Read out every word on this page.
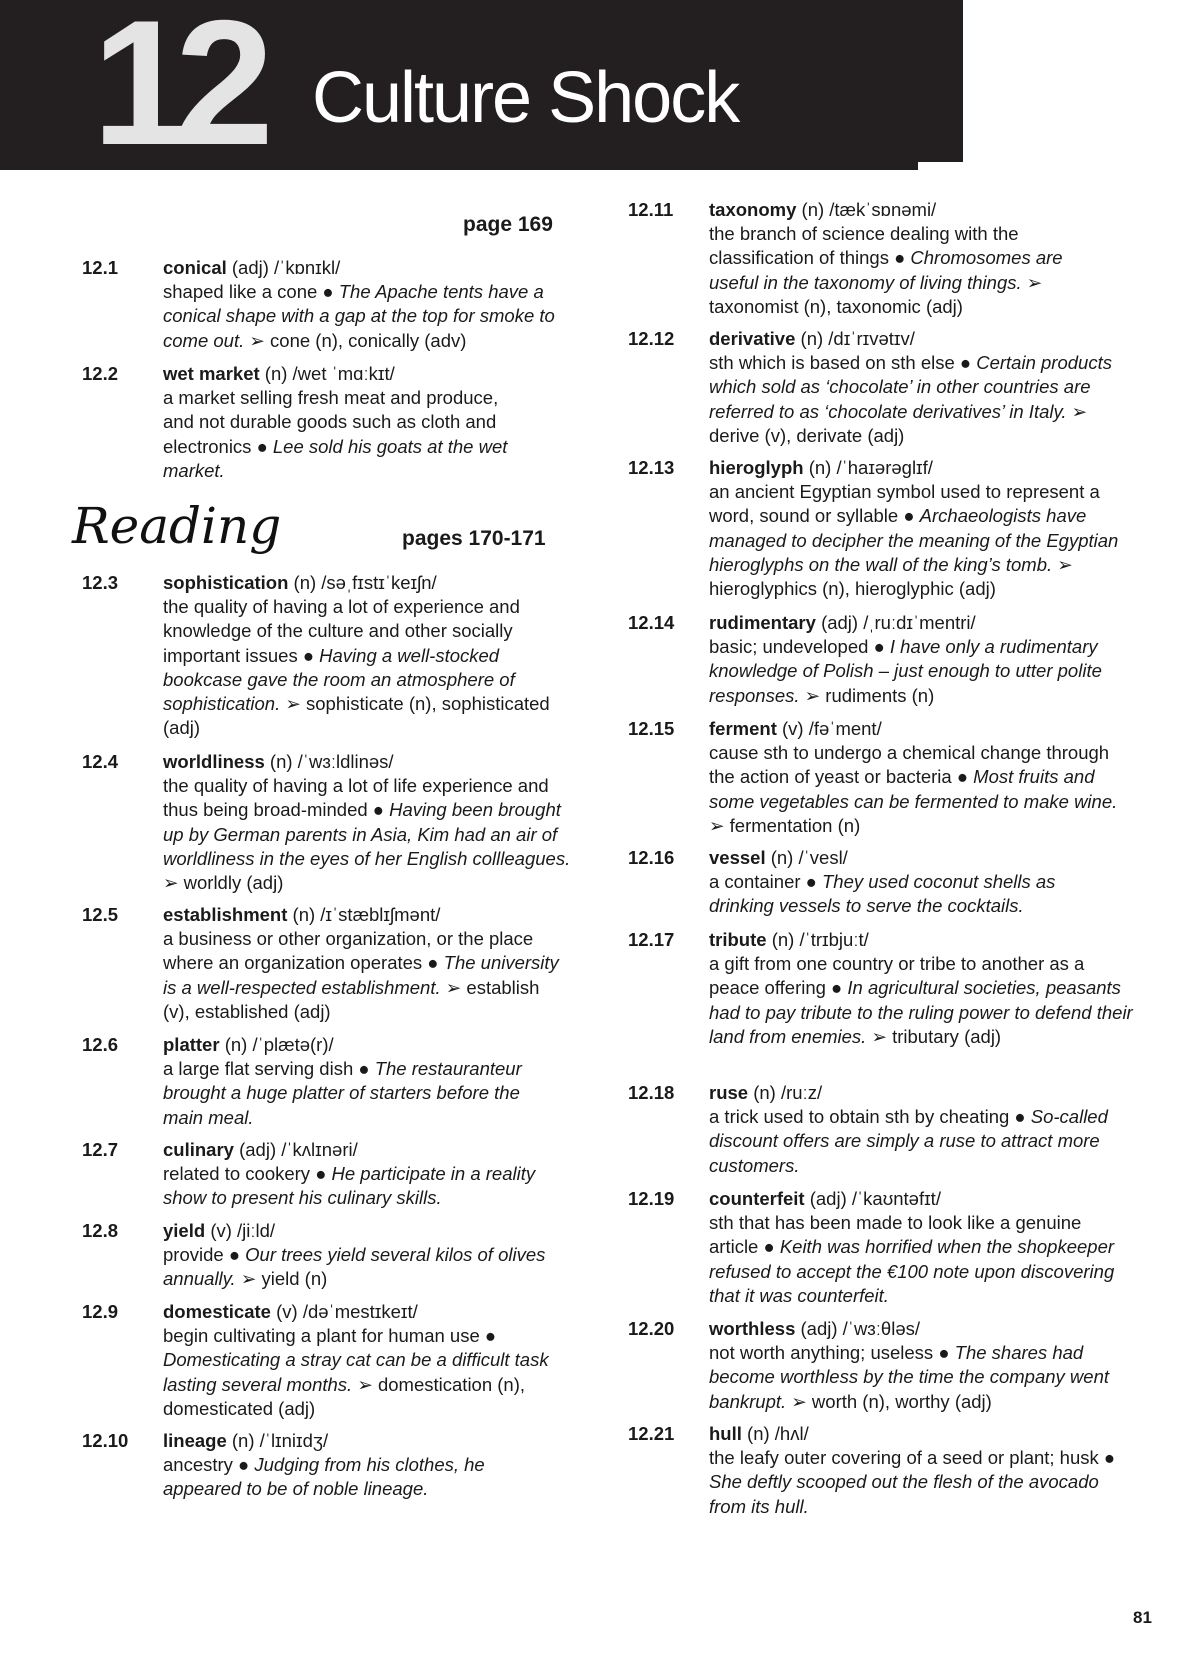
12 Culture Shock
page 169
Reading	pages 170-171
12.1 conical (adj) /ˈkɒnɪkl/
shaped like a cone ● The Apache tents have a conical shape with a gap at the top for smoke to come out. ➢ cone (n), conically (adv)
12.2 wet market (n) /wet ˈmɑːkɪt/
a market selling fresh meat and produce, and not durable goods such as cloth and electronics ● Lee sold his goats at the wet market.
12.3 sophistication (n) /səˌfɪstɪˈkeɪʃn/
the quality of having a lot of experience and knowledge of the culture and other socially important issues ● Having a well-stocked bookcase gave the room an atmosphere of sophistication. ➢ sophisticate (n), sophisticated (adj)
12.4 worldliness (n) /ˈwɜːldlinəs/
the quality of having a lot of life experience and thus being broad-minded ● Having been brought up by German parents in Asia, Kim had an air of worldliness in the eyes of her English collleagues. ➢ worldly (adj)
12.5 establishment (n) /ɪˈstæblɪʃmənt/
a business or other organization, or the place where an organization operates ● The university is a well-respected establishment. ➢ establish (v), established (adj)
12.6 platter (n) /ˈplætə(r)/
a large flat serving dish ● The restauranteur brought a huge platter of starters before the main meal.
12.7 culinary (adj) /ˈkʌlɪnəri/
related to cookery ● He participate in a reality show to present his culinary skills.
12.8 yield (v) /jiːld/
provide ● Our trees yield several kilos of olives annually. ➢ yield (n)
12.9 domesticate (v) /dəˈmestɪkeɪt/
begin cultivating a plant for human use ● Domesticating a stray cat can be a difficult task lasting several months. ➢ domestication (n), domesticated (adj)
12.10 lineage (n) /ˈlɪniɪdʒ/
ancestry ● Judging from his clothes, he appeared to be of noble lineage.
12.11 taxonomy (n) /tækˈsɒnəmi/
the branch of science dealing with the classification of things ● Chromosomes are useful in the taxonomy of living things. ➢ taxonomist (n), taxonomic (adj)
12.12 derivative (n) /dɪˈrɪvətɪv/
sth which is based on sth else ● Certain products which sold as ‘chocolate’ in other countries are referred to as ‘chocolate derivatives’ in Italy. ➢ derive (v), derivate (adj)
12.13 hieroglyph (n) /ˈhaɪərəglɪf/
an ancient Egyptian symbol used to represent a word, sound or syllable ● Archaeologists have managed to decipher the meaning of the Egyptian hieroglyphs on the wall of the king’s tomb. ➢ hieroglyphics (n), hieroglyphic (adj)
12.14 rudimentary (adj) /ˌruːdɪˈmentri/
basic; undeveloped ● I have only a rudimentary knowledge of Polish – just enough to utter polite responses. ➢ rudiments (n)
12.15 ferment (v) /fəˈment/
cause sth to undergo a chemical change through the action of yeast or bacteria ● Most fruits and some vegetables can be fermented to make wine. ➢ fermentation (n)
12.16 vessel (n) /ˈvesl/
a container ● They used coconut shells as drinking vessels to serve the cocktails.
12.17 tribute (n) /ˈtrɪbjuːt/
a gift from one country or tribe to another as a peace offering ● In agricultural societies, peasants had to pay tribute to the ruling power to defend their land from enemies. ➢ tributary (adj)
12.18 ruse (n) /ruːz/
a trick used to obtain sth by cheating ● So-called discount offers are simply a ruse to attract more customers.
12.19 counterfeit (adj) /ˈkaʊntəfɪt/
sth that has been made to look like a genuine article ● Keith was horrified when the shopkeeper refused to accept the €100 note upon discovering that it was counterfeit.
12.20 worthless (adj) /ˈwɜːθləs/
not worth anything; useless ● The shares had become worthless by the time the company went bankrupt. ➢ worth (n), worthy (adj)
12.21 hull (n) /hʌl/
the leafy outer covering of a seed or plant; husk ● She deftly scooped out the flesh of the avocado from its hull.
81
